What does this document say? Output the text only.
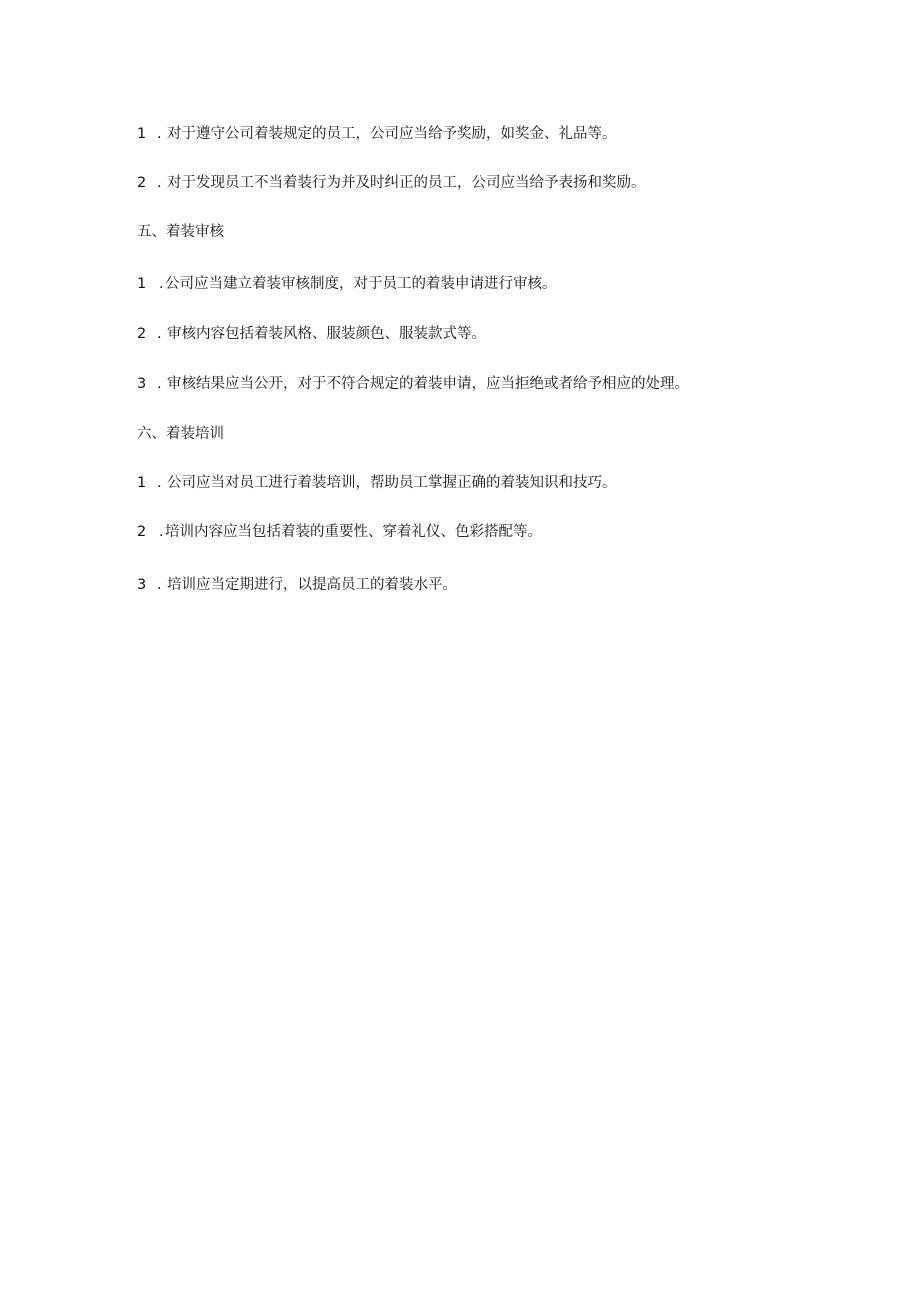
1 . 对于遵守公司着装规定的员工，公司应当给予奖励，如奖金、礼品等。
2 . 对于发现员工不当着装行为并及时纠正的员工，公司应当给予表扬和奖励。
五、着装审核
1 .公司应当建立着装审核制度，对于员工的着装申请进行审核。
2 . 审核内容包括着装风格、服装颜色、服装款式等。
3 . 审核结果应当公开，对于不符合规定的着装申请，应当拒绝或者给予相应的处理。
六、着装培训
1 . 公司应当对员工进行着装培训，帮助员工掌握正确的着装知识和技巧。
2 .培训内容应当包括着装的重要性、穿着礼仪、色彩搭配等。
3 . 培训应当定期进行，以提高员工的着装水平。
